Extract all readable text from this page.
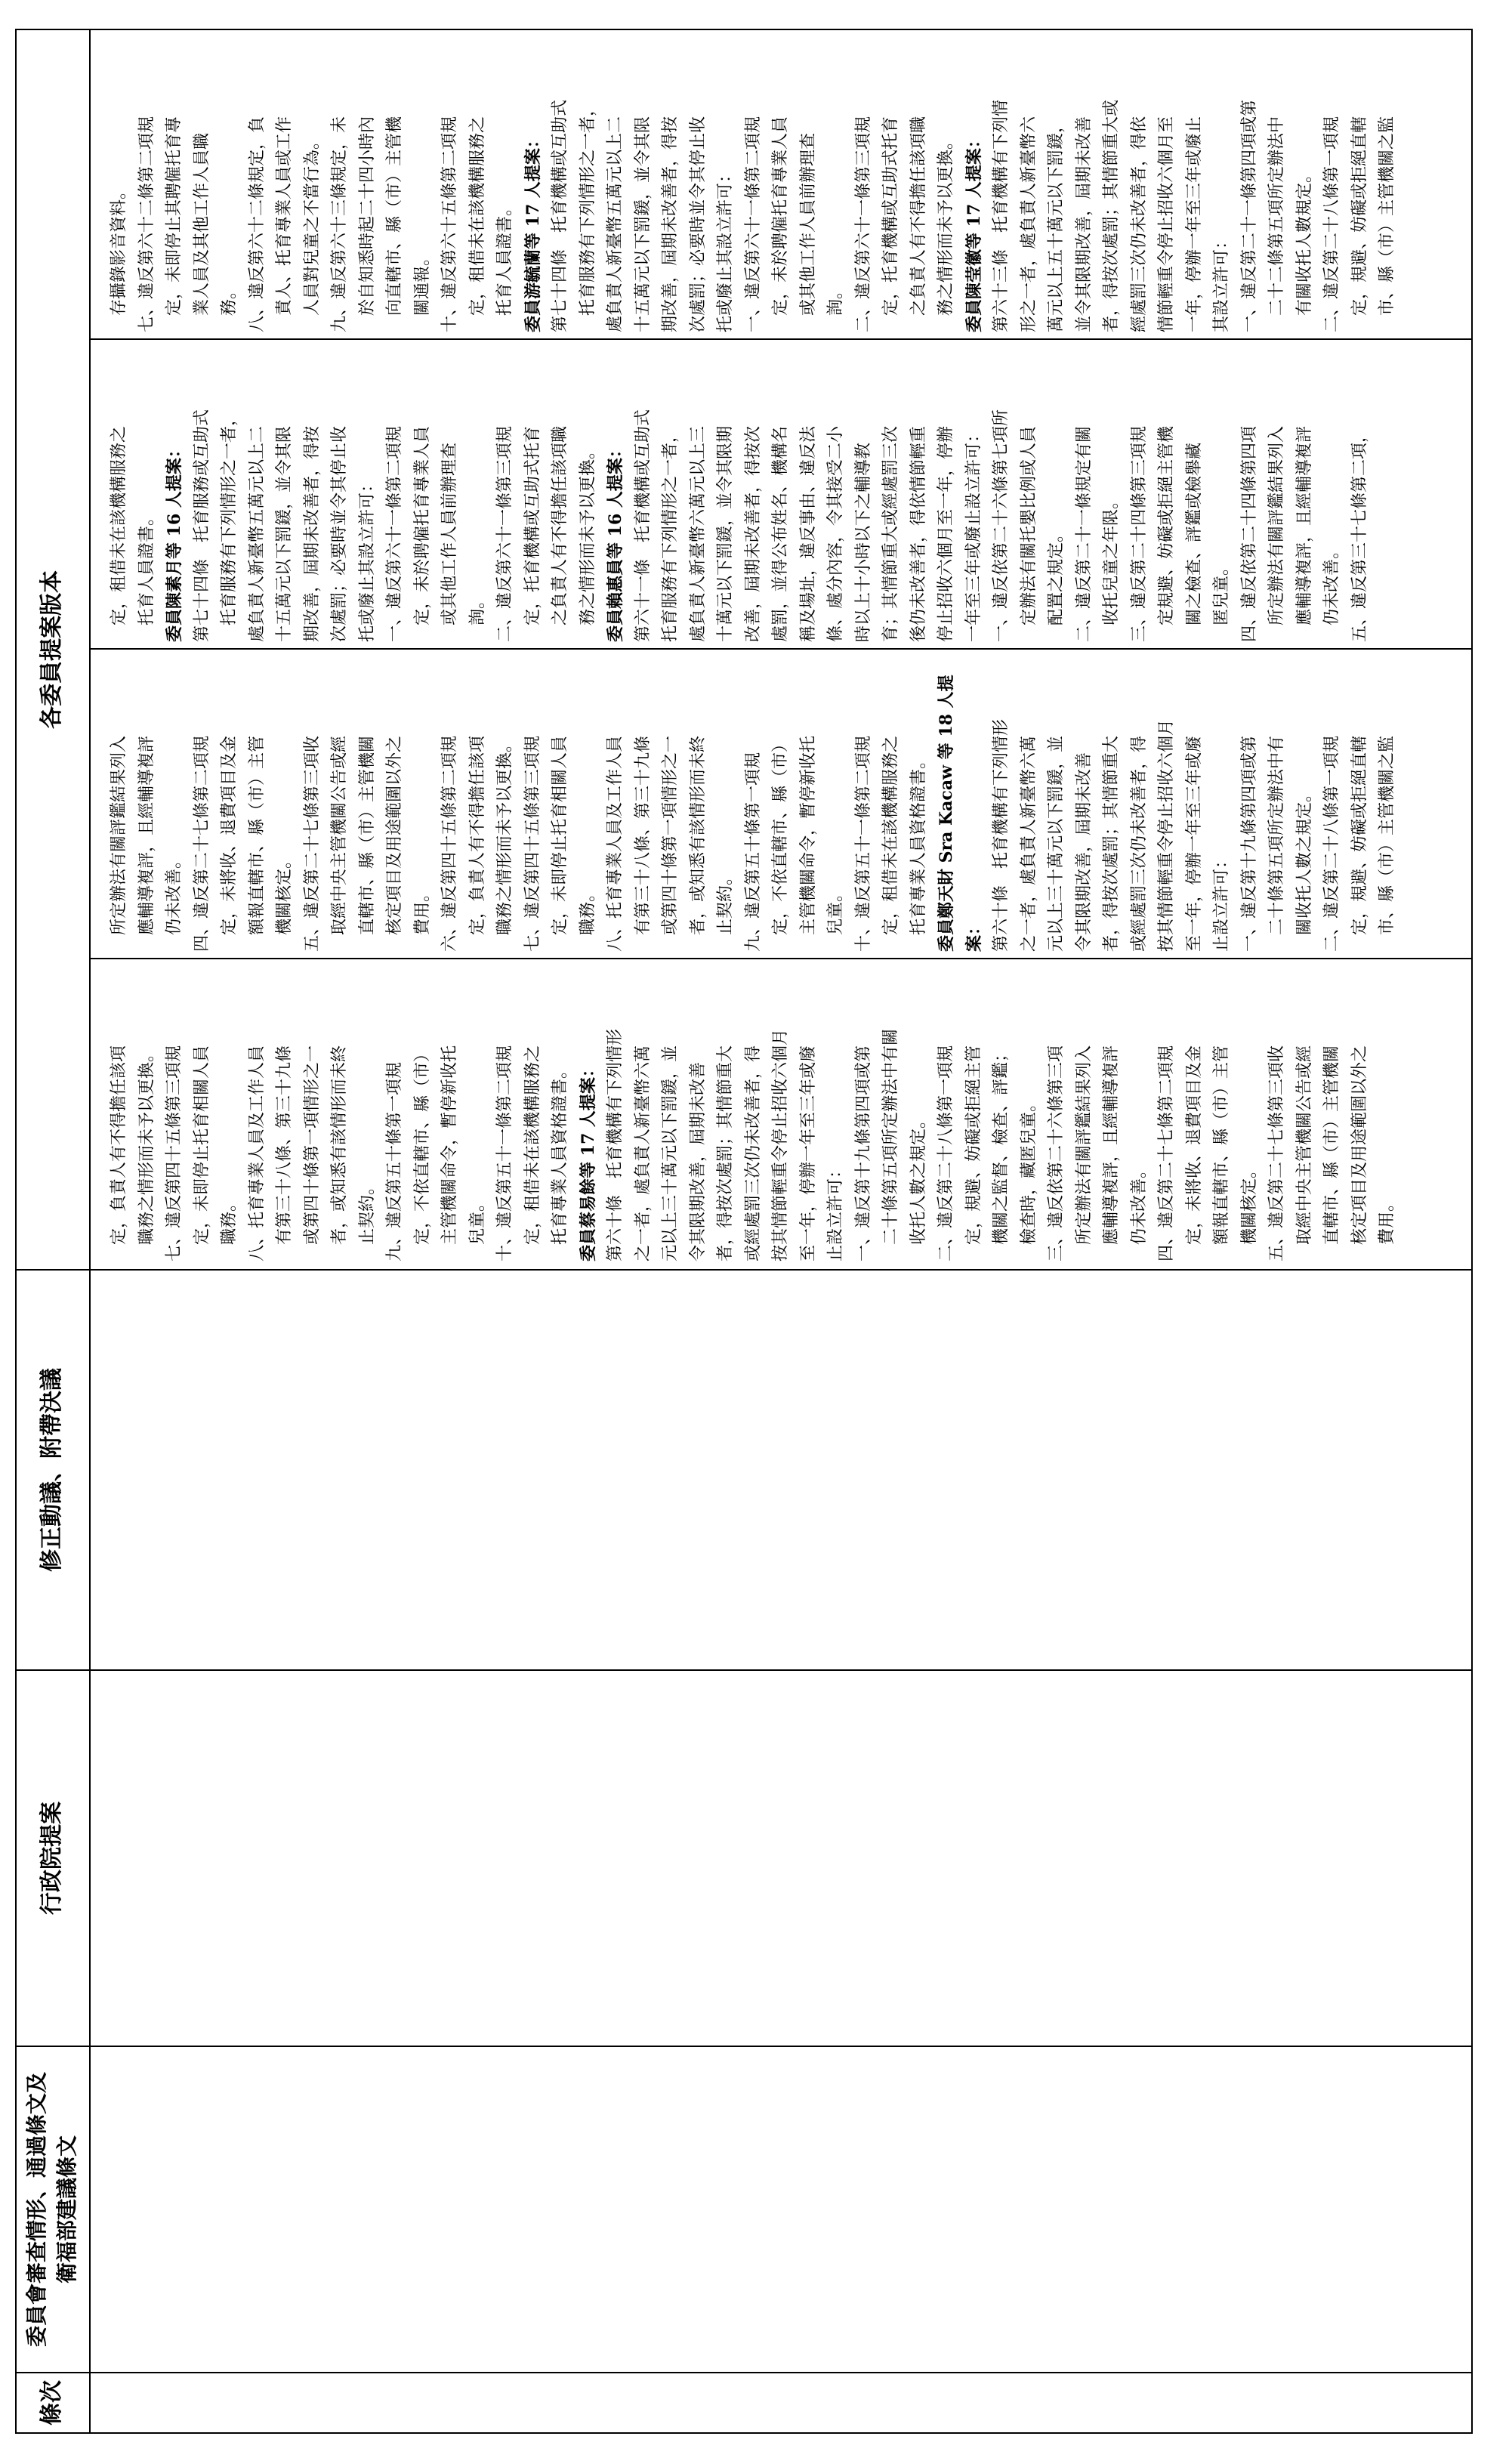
條次
委員會審查情形、通過條文及衛福部建議條文
行政院提案
修正動議、附帶決議
各委員提案版本

　定，負責人有不得擔任該項 　職務之情形而未予以更換。 七、違反第四十五條第三項規 　定，未即停止托育相關人員 　職務。 八、托育專業人員及工作人員 　有第三十八條、第三十九條 　或第四十條第一項情形之一 　者，或知悉有該情形而未終 　止契約。 九、違反第五十條第一項規 　定，不依直轄市、縣（市） 　主管機關命令，暫停新收托 　兒童。 十、違反第五十一條第二項規 　定，租借未在該機構服務之 　托育專業人員資格證書。 委員蔡易餘等 17 人提案： 第六十條　托育機構有下列情形 之一者，處負責人新臺幣六萬 元以上三十萬元以下罰鍰，並 令其限期改善，屆期未改善 者，得按次處罰；其情節重大 或經處罰三次仍未改善者，得 按其情節輕重令停止招收六個月 至一年，停辦一年至三年或廢 止設立許可： 一、違反第十九條第四項或第 　二十條第五項所定辦法中有關 　收托人數之規定。 二、違反第二十八條第一項規 　定，規避、妨礙或拒絕主管 　機關之監督、檢查、評鑑； 　檢查時，藏匿兒童。 三、違反依第二十六條第三項 　所定辦法有關評鑑結果列入 　應輔導複評，且經輔導複評 　仍未改善。 四、違反第二十七條第二項規 　定，未將收、退費項目及金 　額報直轄市、縣（市）主管 　機關核定。 五、違反第二十七條第三項收 　取經中央主管機關公告或經 　直轄市、縣（市）主管機關 　核定項目及用途範圍以外之 　費用。

　所定辦法有關評鑑結果列入 　應輔導複評，且經輔導複評 　仍未改善。 四、違反第二十七條第二項規 　定，未將收、退費項目及金 　額報直轄市、縣（市）主管 　機關核定。 五、違反第二十七條第三項收 　取經中央主管機關公告或經 　直轄市、縣（市）主管機關 　核定項目及用途範圍以外之 　費用。 六、違反第四十五條第二項規 　定，負責人有不得擔任該項 　職務之情形而未予以更換。 七、違反第四十五條第三項規 　定，未即停止托育相關人員 　職務。 八、托育專業人員及工作人員 　有第三十八條、第三十九條 　或第四十條第一項情形之一 　者，或知悉有該情形而未終 　止契約。 九、違反第五十條第一項規 　定，不依直轄市、縣（市） 　主管機關命令，暫停新收托 　兒童。 十、違反第五十一條第二項規 　定，租借未在該機構服務之 　托育專業人員資格證書。 委員鄭天財 Sra Kacaw 等 18 人提 案： 第六十條　托育機構有下列情形 之一者，處負責人新臺幣六萬 元以上三十萬元以下罰鍰，並 令其限期改善，屆期未改善 者，得按次處罰；其情節重大 或經處罰三次仍未改善者，得 按其情節輕重令停止招收六個月 至一年，停辦一年至三年或廢 止設立許可： 一、違反第十九條第四項或第 　二十條第五項所定辦法中有 　關收托人數之規定。 二、違反第二十八條第一項規 　定，規避、妨礙或拒絕直轄 　市、縣（市）主管機關之監

　定，租借未在該機構服務之 　托育人員證書。 委員陳素月等 16 人提案： 第七十四條　托育服務或互助式 　托育服務有下列情形之一者， 處負責人新臺幣五萬元以上二 十五萬元以下罰鍰，並令其限 期改善，屆期未改善者，得按 次處罰；必要時並令其停止收 托或廢止其設立許可： 一、違反第六十一條第二項規 　定，未於聘僱托育專業人員 　或其他工作人員前辦理查 　詢。 二、違反第六十一條第三項規 　定，托育機構或互助式托育 　之負責人有不得擔任該項職 　務之情形而未予以更換。 委員賴惠員等 16 人提案： 第六十一條　托育機構或互助式 托育服務有下列情形之一者， 處負責人新臺幣六萬元以上三 十萬元以下罰鍰，並令其限期 改善，屆期未改善者，得按次 處罰，並得公布姓名、機構名 稱及場址，違反事由、違反法 條、處分內容，令其接受二小 時以上十小時以下之輔導教 育；其情節重大或經處罰三次 後仍未改善者，得依情節輕重 停止招收六個月至一年，停辦 一年至三年或廢止設立許可： 一、違反依第二十六條第七項所 　定辦法有關托嬰比例或人員 　配置之規定。 二、違反第二十一條規定有關 　收托兒童之年限。 三、違反第二十四條第三項規 　定規避、妨礙或拒絕主管機 　關之檢查、評鑑或檢舉藏 　匿兒童。 四、違反依第二十四條第四項 　所定辦法有關評鑑結果列入 　應輔導複評，且經輔導複評 　仍未改善。 五、違反第三十七條第二項，

　存攝錄影音資料。 七、違反第六十二條第二項規 　定，未即停止其聘僱托育專 　業人員及其他工作人員職 　務。 八、違反第六十二條規定，負 　責人、托育專業人員或工作 　人員對兒童之不當行為。 九、違反第六十三條規定，未 　於自知悉時起二十四小時內 　向直轄市、縣（市）主管機 　關通報。 十、違反第六十五條第二項規 　定，租借未在該機構服務之 　托育人員證書。 委員游毓蘭等 17 人提案： 第七十四條　托育機構或互助式 　托育服務有下列情形之一者， 處負責人新臺幣五萬元以上二 十五萬元以下罰鍰，並令其限 期改善，屆期未改善者，得按 次處罰；必要時並令其停止收 托或廢止其設立許可： 一、違反第六十一條第二項規 　定，未於聘僱托育專業人員 　或其他工作人員前辦理查 　詢。 二、違反第六十一條第三項規 　定，托育機構或互助式托育 　之負責人有不得擔任該項職 　務之情形而未予以更換。 委員陳莹徽等 17 人提案： 第六十三條　托育機構有下列情 形之一者，處負責人新臺幣六 萬元以上五十萬元以下罰鍰， 並令其限期改善，屆期未改善 者，得按次處罰；其情節重大或 經處罰三次仍未改善者，得依 情節輕重令停止招收六個月至 一年，停辦一年至三年或廢止 其設立許可： 一、違反第二十一條第四項或第 　二十二條第五項所定辦法中 　有關收托人數規定。 二、違反第二十八條第一項規 　定，規避、妨礙或拒絕直轄 　市、縣（市）主管機關之監
